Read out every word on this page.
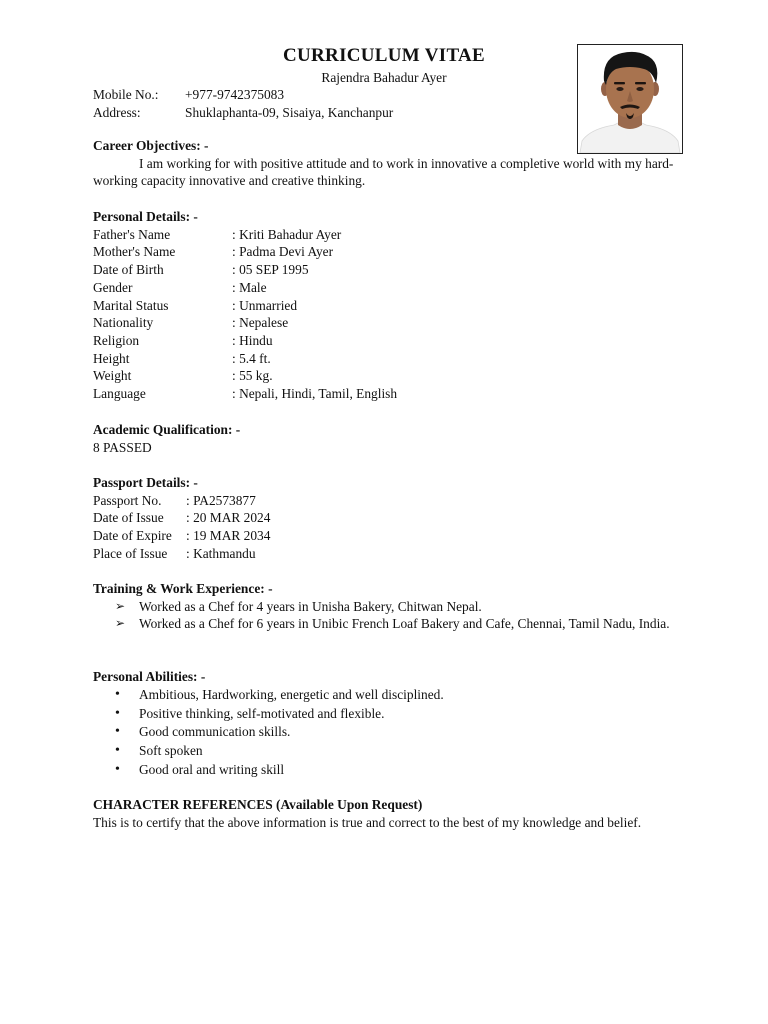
CURRICULUM VITAE
Rajendra Bahadur Ayer
Mobile No.:	+977-9742375083
Address:	Shuklaphanta-09, Sisaiya, Kanchanpur
Career Objectives: -
I am working for with positive attitude and to work in innovative a completive world with my hard-working capacity innovative and creative thinking.
Personal Details: -
Father's Name	: Kriti Bahadur Ayer
Mother's Name	: Padma Devi Ayer
Date of Birth	: 05 SEP 1995
Gender	: Male
Marital Status	: Unmarried
Nationality	: Nepalese
Religion	: Hindu
Height	: 5.4 ft.
Weight	: 55 kg.
Language	: Nepali, Hindi, Tamil, English
Academic Qualification: -
8 PASSED
Passport Details: -
Passport No.	: PA2573877
Date of Issue	: 20 MAR 2024
Date of Expire	: 19 MAR 2034
Place of Issue	: Kathmandu
Training & Work Experience: -
➢ Worked as a Chef for 4 years in Unisha Bakery, Chitwan Nepal.
➢ Worked as a Chef for 6 years in Unibic French Loaf Bakery and Cafe, Chennai, Tamil Nadu, India.
Personal Abilities: -
• Ambitious, Hardworking, energetic and well disciplined.
• Positive thinking, self-motivated and flexible.
• Good communication skills.
• Soft spoken
• Good oral and writing skill
CHARACTER REFERENCES (Available Upon Request)
This is to certify that the above information is true and correct to the best of my knowledge and belief.
